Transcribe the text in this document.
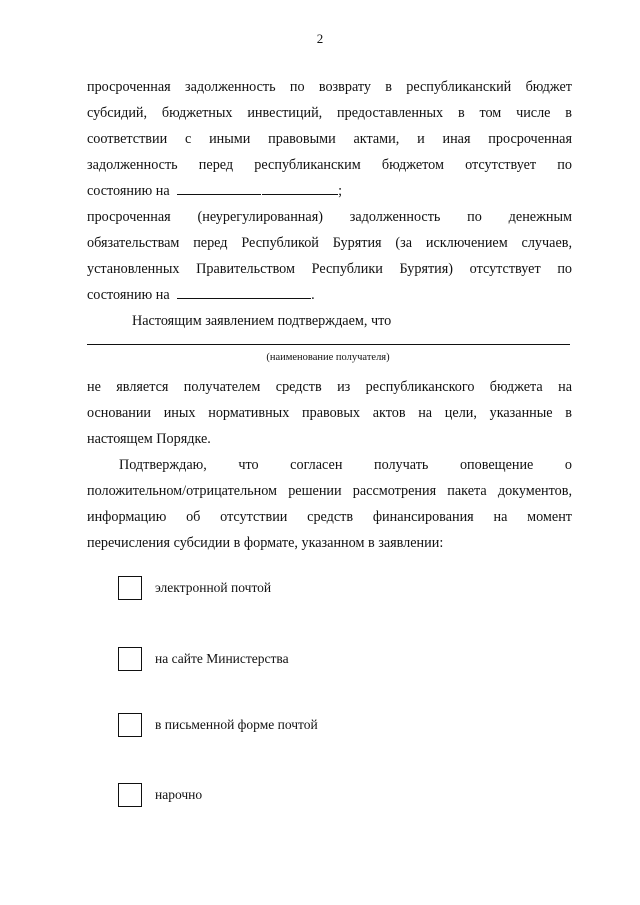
2
просроченная задолженность по возврату в республиканский бюджет
субсидий, бюджетных инвестиций, предоставленных в том числе в
соответствии с иными правовыми актами, и иная просроченная
задолженность перед республиканским бюджетом отсутствует по
состоянию на	;
просроченная (неурегулированная) задолженность по денежным
обязательствам перед Республикой Бурятия (за исключением случаев,
установленных Правительством Республики Бурятия) отсутствует по
состоянию на	.
Настоящим заявлением подтверждаем, что
(наименование получателя)
не является получателем средств из республиканского бюджета на
основании иных нормативных правовых актов на цели, указанные в
настоящем Порядке.
Подтверждаю, что согласен получать оповещение о
положительном/отрицательном решении рассмотрения пакета документов,
информацию об отсутствии средств финансирования на момент
перечисления субсидии в формате, указанном в заявлении:
электронной почтой
на сайте Министерства
в письменной форме почтой
нарочно
